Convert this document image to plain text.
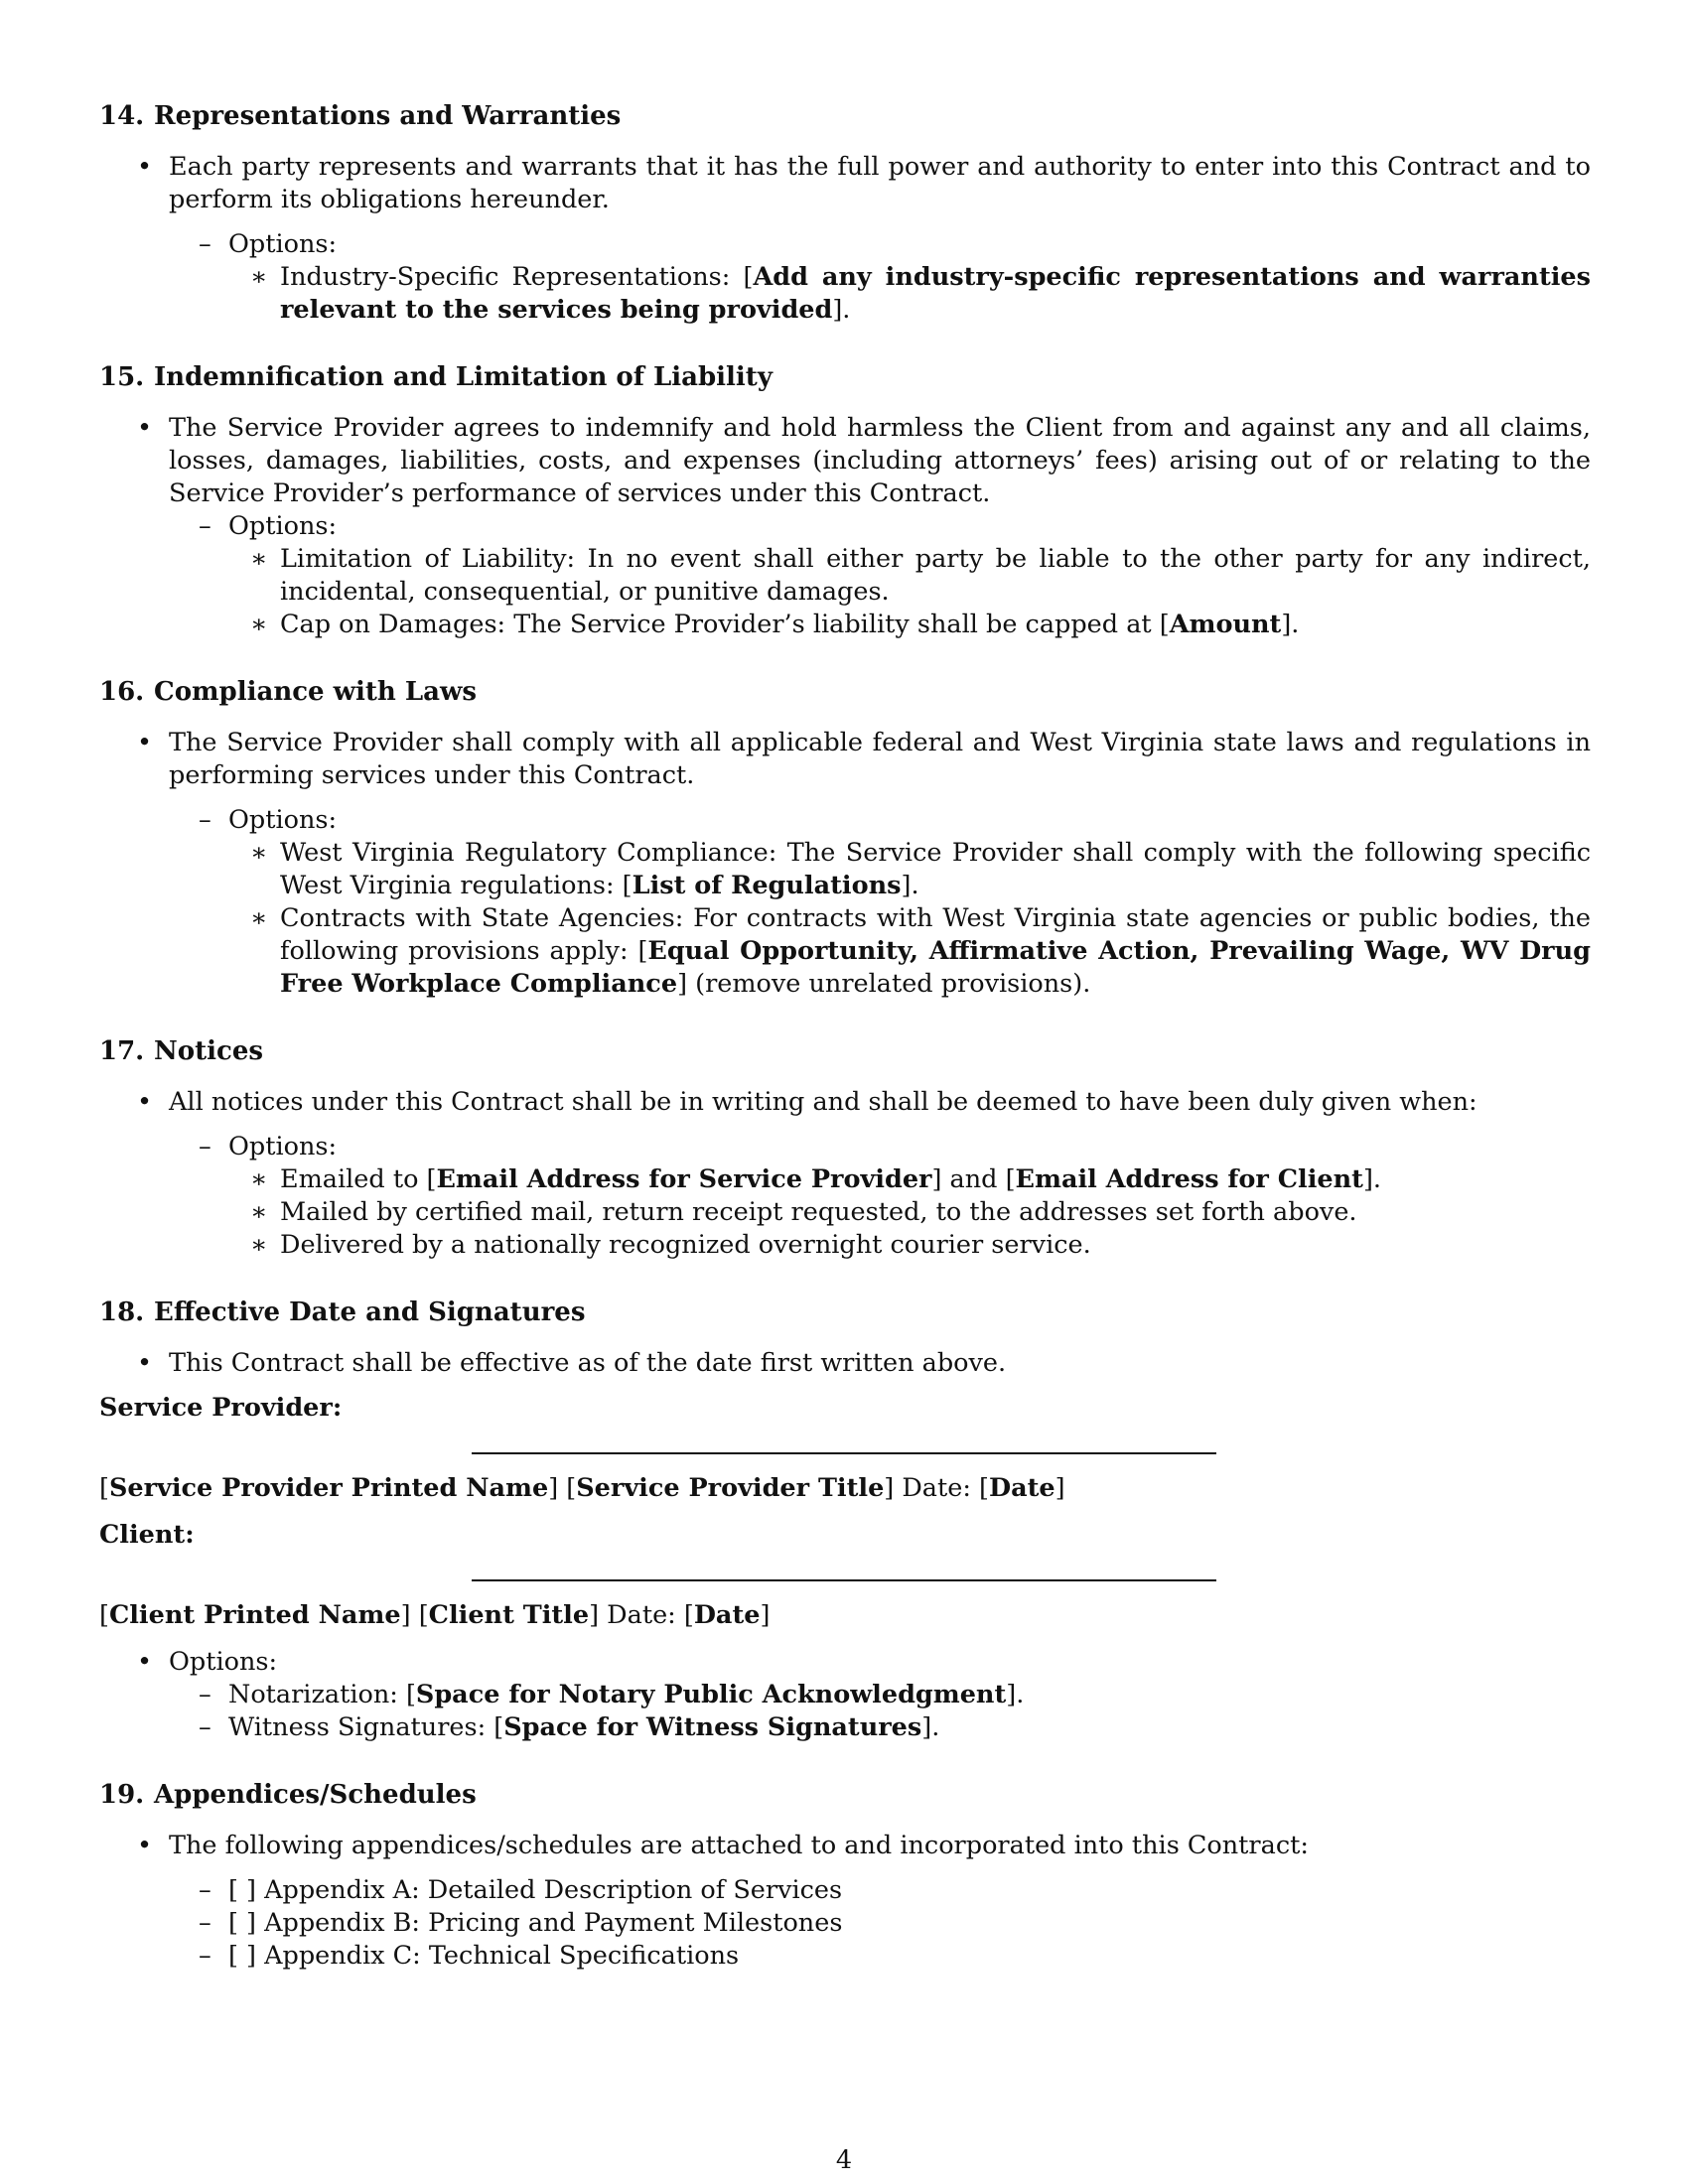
14. Representations and Warranties

• Each party represents and warrants that it has the full power and authority to enter into this Contract and to perform its obligations hereunder.

– Options:

∗ Industry-Specific Representations: [Add any industry-specific representations and warranties relevant to the services being provided].

15. Indemnification and Limitation of Liability

• The Service Provider agrees to indemnify and hold harmless the Client from and against any and all claims, losses, damages, liabilities, costs, and expenses (including attorneys’ fees) arising out of or relating to the Service Provider’s performance of services under this Contract.

– Options:

∗ Limitation of Liability: In no event shall either party be liable to the other party for any indirect, incidental, consequential, or punitive damages.

∗ Cap on Damages: The Service Provider’s liability shall be capped at [Amount].

16. Compliance with Laws

• The Service Provider shall comply with all applicable federal and West Virginia state laws and regulations in performing services under this Contract.

– Options:

∗ West Virginia Regulatory Compliance: The Service Provider shall comply with the following specific West Virginia regulations: [List of Regulations].

∗ Contracts with State Agencies: For contracts with West Virginia state agencies or public bodies, the following provisions apply: [Equal Opportunity, Affirmative Action, Prevailing Wage, WV Drug Free Workplace Compliance] (remove unrelated provisions).

17. Notices

• All notices under this Contract shall be in writing and shall be deemed to have been duly given when:

– Options:

∗ Emailed to [Email Address for Service Provider] and [Email Address for Client].

∗ Mailed by certified mail, return receipt requested, to the addresses set forth above.

∗ Delivered by a nationally recognized overnight courier service.

18. Effective Date and Signatures

• This Contract shall be effective as of the date first written above.

Service Provider:

[Service Provider Printed Name] [Service Provider Title] Date: [Date]

Client:

[Client Printed Name] [Client Title] Date: [Date]

• Options:

– Notarization: [Space for Notary Public Acknowledgment].

– Witness Signatures: [Space for Witness Signatures].

19. Appendices/Schedules

• The following appendices/schedules are attached to and incorporated into this Contract:

– [ ] Appendix A: Detailed Description of Services

– [ ] Appendix B: Pricing and Payment Milestones

– [ ] Appendix C: Technical Specifications

4
